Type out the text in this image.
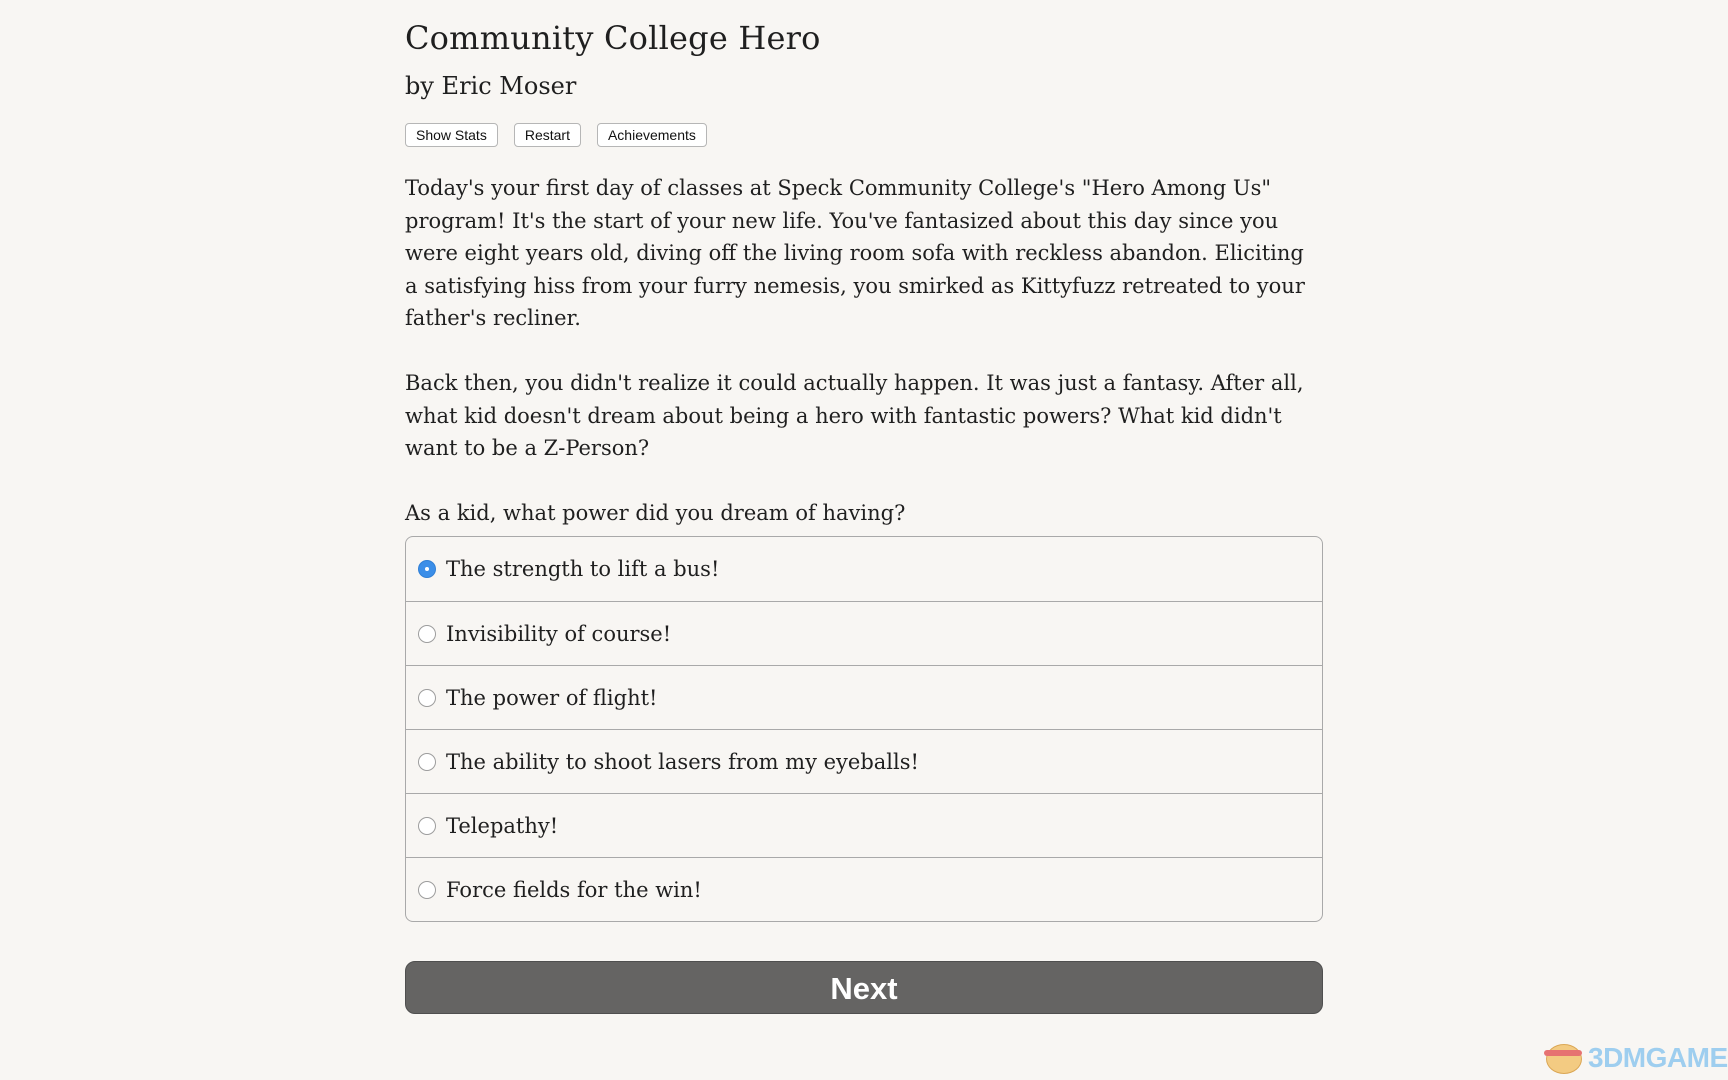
Community College Hero
by Eric Moser
Show Stats	Restart	Achievements

Today's your first day of classes at Speck Community College's "Hero Among Us" program! It's the start of your new life. You've fantasized about this day since you were eight years old, diving off the living room sofa with reckless abandon. Eliciting a satisfying hiss from your furry nemesis, you smirked as Kittyfuzz retreated to your father's recliner.

Back then, you didn't realize it could actually happen. It was just a fantasy. After all, what kid doesn't dream about being a hero with fantastic powers? What kid didn't want to be a Z-Person?

As a kid, what power did you dream of having?

The strength to lift a bus!
Invisibility of course!
The power of flight!
The ability to shoot lasers from my eyeballs!
Telepathy!
Force fields for the win!
Next
3DMGAME
